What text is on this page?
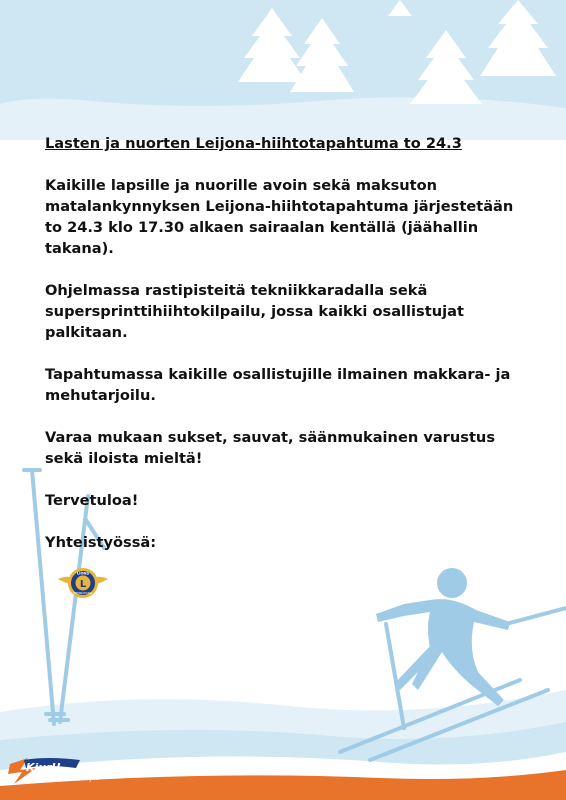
Lasten ja nuorten Leijona-hiihtotapahtuma to 24.3

Kaikille lapsille ja nuorille avoin sekä maksuton matalankynnyksen Leijona-hiihtotapahtuma järjestetään to 24.3 klo 17.30 alkaen sairaalan kentällä (jäähallin takana).

Ohjelmassa rastipisteitä tekniikkaradalla sekä supersprinttihiihtokilpailu, jossa kaikki osallistujat palkitaan.

Tapahtumassa kaikille osallistujille ilmainen makkara- ja mehutarjoilu.

Varaa mukaan sukset, sauvat, säänmukainen varustus sekä iloista mieltä!

Tervetuloa!

Yhteistyössä:

L
LIONS
INTERNATIONAL
KiurU
Kiuruveden Urheilijat
